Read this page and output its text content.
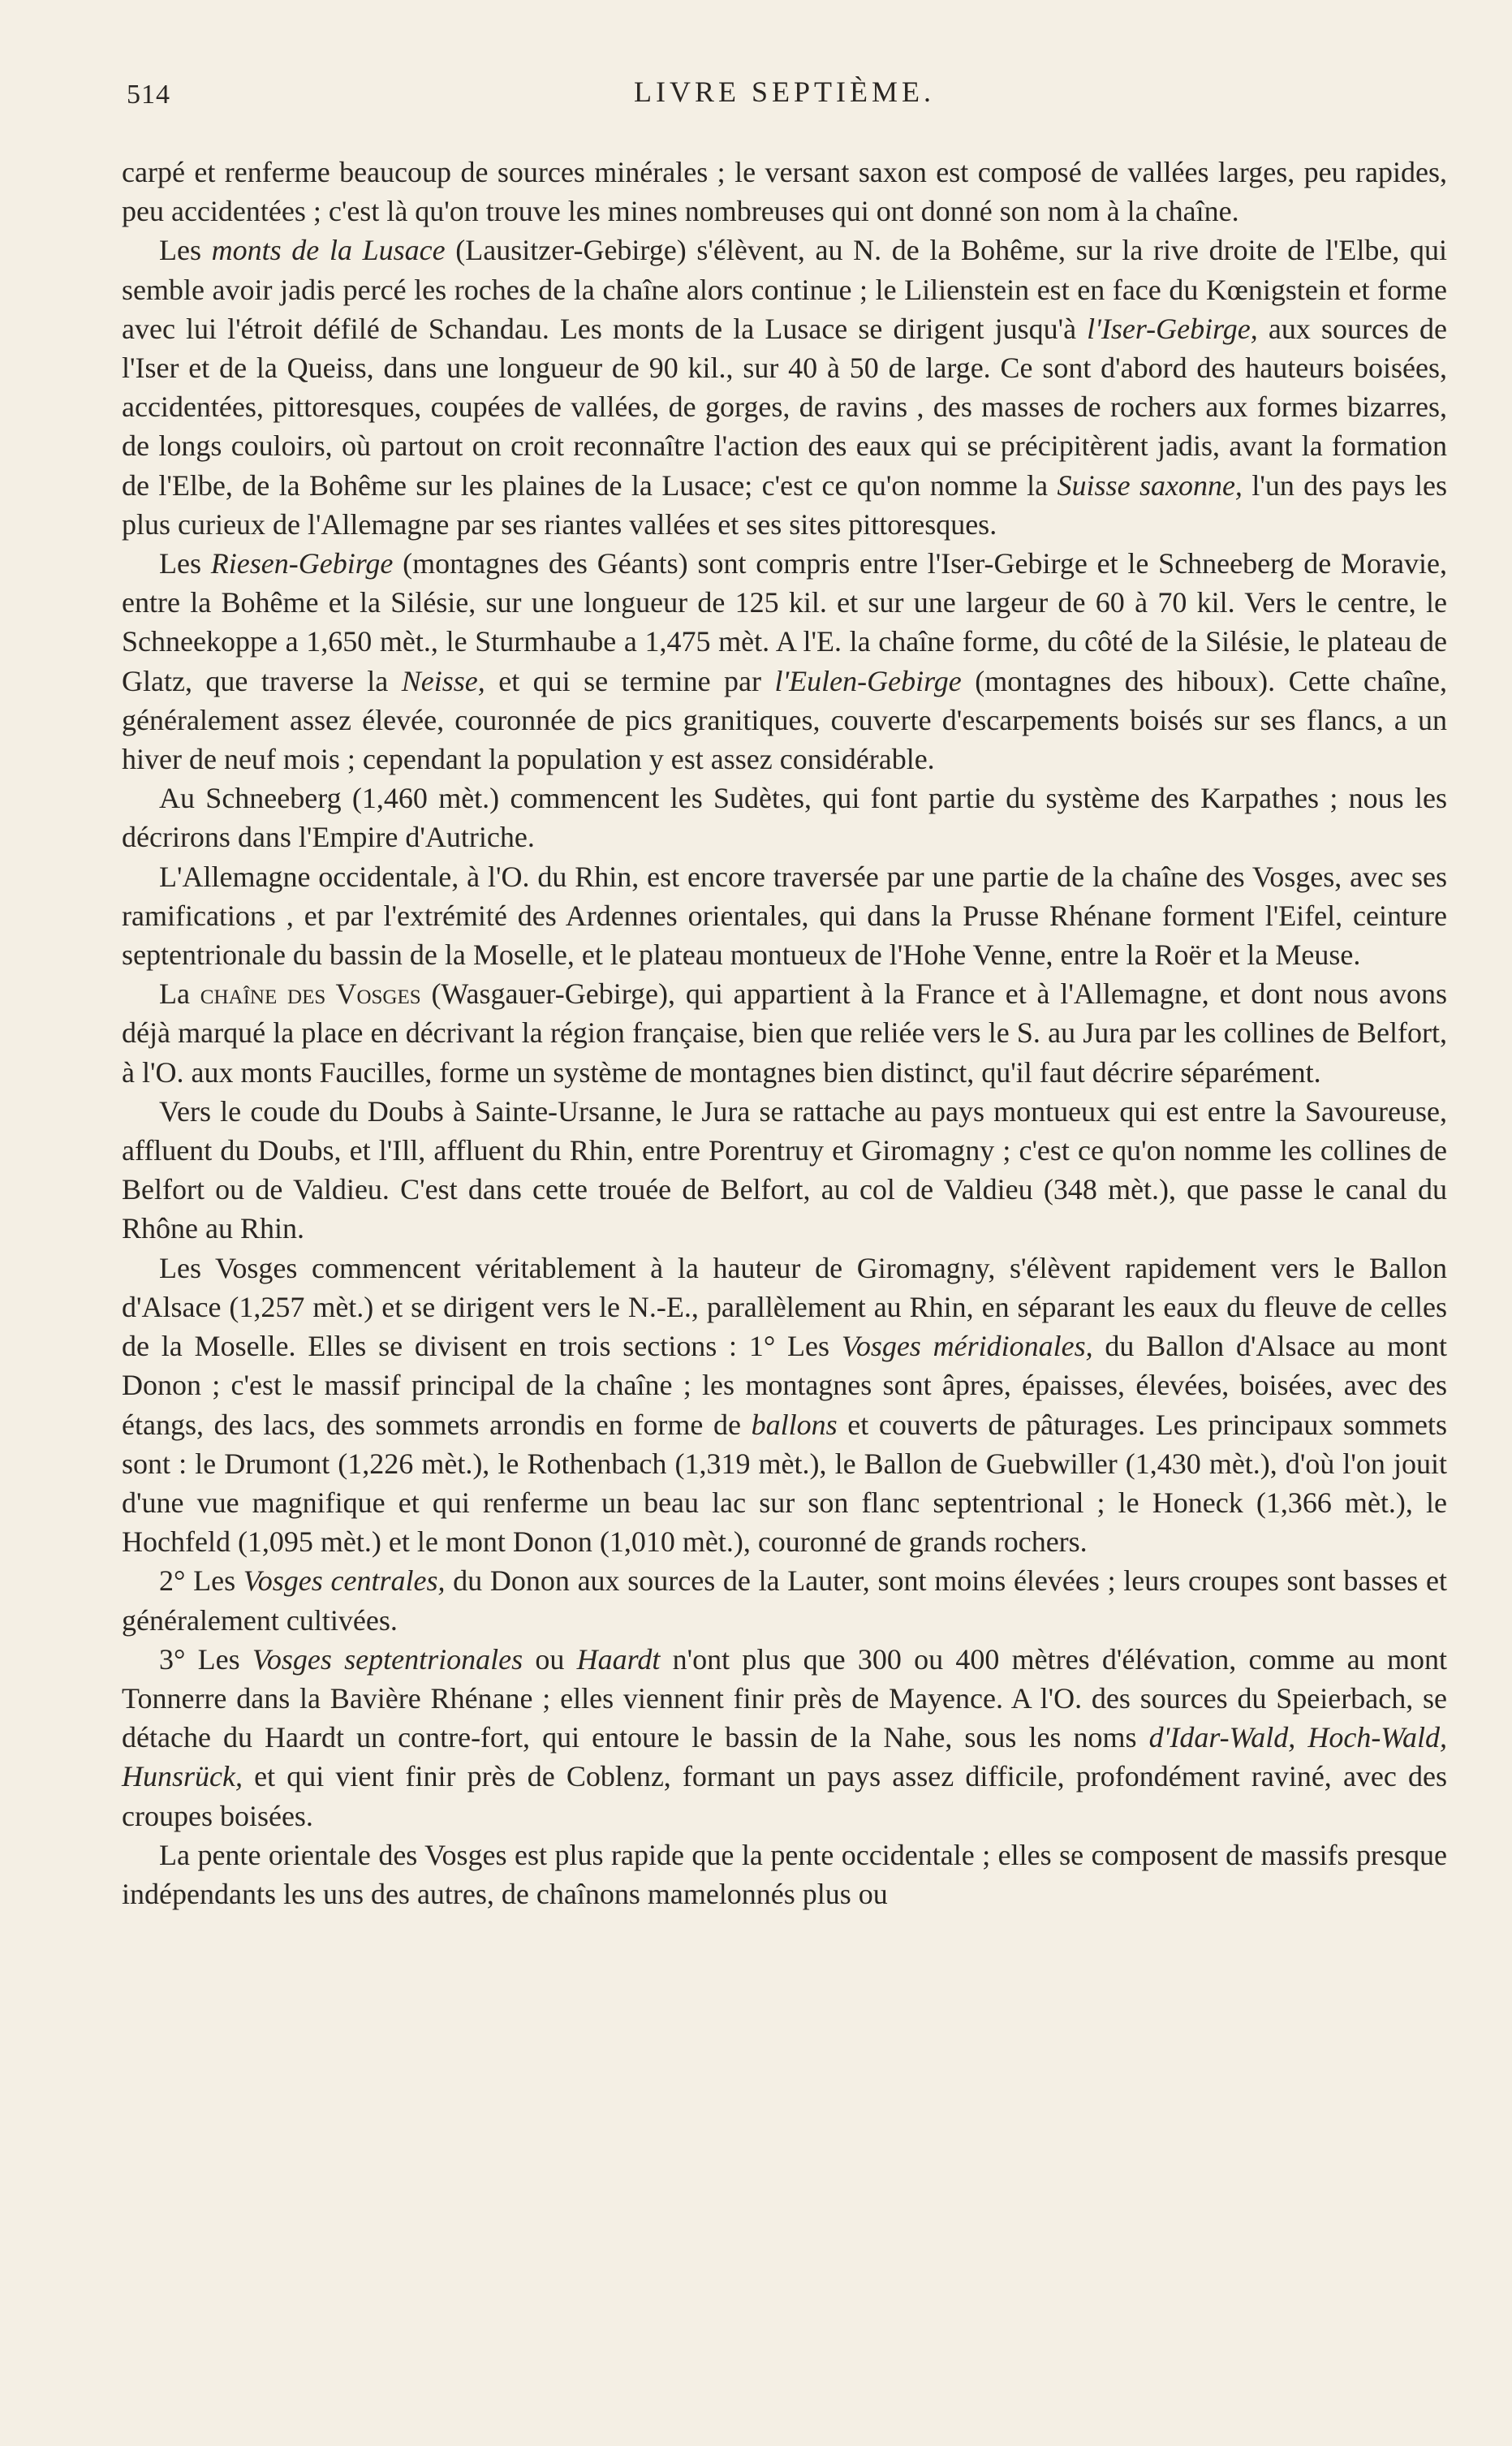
514	LIVRE SEPTIÈME.

carpé et renferme beaucoup de sources minérales ; le versant saxon est composé de vallées larges, peu rapides, peu accidentées ; c'est là qu'on trouve les mines nombreuses qui ont donné son nom à la chaîne.

Les monts de la Lusace (Lausitzer-Gebirge) s'élèvent, au N. de la Bohême, sur la rive droite de l'Elbe, qui semble avoir jadis percé les roches de la chaîne alors continue ; le Lilienstein est en face du Kœnigstein et forme avec lui l'étroit défilé de Schandau. Les monts de la Lusace se dirigent jusqu'à l'Iser-Gebirge, aux sources de l'Iser et de la Queiss, dans une longueur de 90 kil., sur 40 à 50 de large. Ce sont d'abord des hauteurs boisées, accidentées, pittoresques, coupées de vallées, de gorges, de ravins , des masses de rochers aux formes bizarres, de longs couloirs, où partout on croit reconnaître l'action des eaux qui se précipitèrent jadis, avant la formation de l'Elbe, de la Bohême sur les plaines de la Lusace; c'est ce qu'on nomme la Suisse saxonne, l'un des pays les plus curieux de l'Allemagne par ses riantes vallées et ses sites pittoresques.

Les Riesen-Gebirge (montagnes des Géants) sont compris entre l'Iser-Gebirge et le Schneeberg de Moravie, entre la Bohême et la Silésie, sur une longueur de 125 kil. et sur une largeur de 60 à 70 kil. Vers le centre, le Schneekoppe a 1,650 mèt., le Sturmhaube a 1,475 mèt. A l'E. la chaîne forme, du côté de la Silésie, le plateau de Glatz, que traverse la Neisse, et qui se termine par l'Eulen-Gebirge (montagnes des hiboux). Cette chaîne, généralement assez élevée, couronnée de pics granitiques, couverte d'escarpements boisés sur ses flancs, a un hiver de neuf mois ; cependant la population y est assez considérable.

Au Schneeberg (1,460 mèt.) commencent les Sudètes, qui font partie du système des Karpathes ; nous les décrirons dans l'Empire d'Autriche.

L'Allemagne occidentale, à l'O. du Rhin, est encore traversée par une partie de la chaîne des Vosges, avec ses ramifications , et par l'extrémité des Ardennes orientales, qui dans la Prusse Rhénane forment l'Eifel, ceinture septentrionale du bassin de la Moselle, et le plateau montueux de l'Hohe Venne, entre la Roër et la Meuse.

La chaîne des Vosges (Wasgauer-Gebirge), qui appartient à la France et à l'Allemagne, et dont nous avons déjà marqué la place en décrivant la région française, bien que reliée vers le S. au Jura par les collines de Belfort, à l'O. aux monts Faucilles, forme un système de montagnes bien distinct, qu'il faut décrire séparément.

Vers le coude du Doubs à Sainte-Ursanne, le Jura se rattache au pays montueux qui est entre la Savoureuse, affluent du Doubs, et l'Ill, affluent du Rhin, entre Porentruy et Giromagny ; c'est ce qu'on nomme les collines de Belfort ou de Valdieu. C'est dans cette trouée de Belfort, au col de Valdieu (348 mèt.), que passe le canal du Rhône au Rhin.

Les Vosges commencent véritablement à la hauteur de Giromagny, s'élèvent rapidement vers le Ballon d'Alsace (1,257 mèt.) et se dirigent vers le N.-E., parallèlement au Rhin, en séparant les eaux du fleuve de celles de la Moselle. Elles se divisent en trois sections : 1° Les Vosges méridionales, du Ballon d'Alsace au mont Donon ; c'est le massif principal de la chaîne ; les montagnes sont âpres, épaisses, élevées, boisées, avec des étangs, des lacs, des sommets arrondis en forme de ballons et couverts de pâturages. Les principaux sommets sont : le Drumont (1,226 mèt.), le Rothenbach (1,319 mèt.), le Ballon de Guebwiller (1,430 mèt.), d'où l'on jouit d'une vue magnifique et qui renferme un beau lac sur son flanc septentrional ; le Honeck (1,366 mèt.), le Hochfeld (1,095 mèt.) et le mont Donon (1,010 mèt.), couronné de grands rochers.

2° Les Vosges centrales, du Donon aux sources de la Lauter, sont moins élevées ; leurs croupes sont basses et généralement cultivées.

3° Les Vosges septentrionales ou Haardt n'ont plus que 300 ou 400 mètres d'élévation, comme au mont Tonnerre dans la Bavière Rhénane ; elles viennent finir près de Mayence. A l'O. des sources du Speierbach, se détache du Haardt un contre-fort, qui entoure le bassin de la Nahe, sous les noms d'Idar-Wald, Hoch-Wald, Hunsrück, et qui vient finir près de Coblenz, formant un pays assez difficile, profondément raviné, avec des croupes boisées.

La pente orientale des Vosges est plus rapide que la pente occidentale ; elles se composent de massifs presque indépendants les uns des autres, de chaînons mamelonnés plus ou
